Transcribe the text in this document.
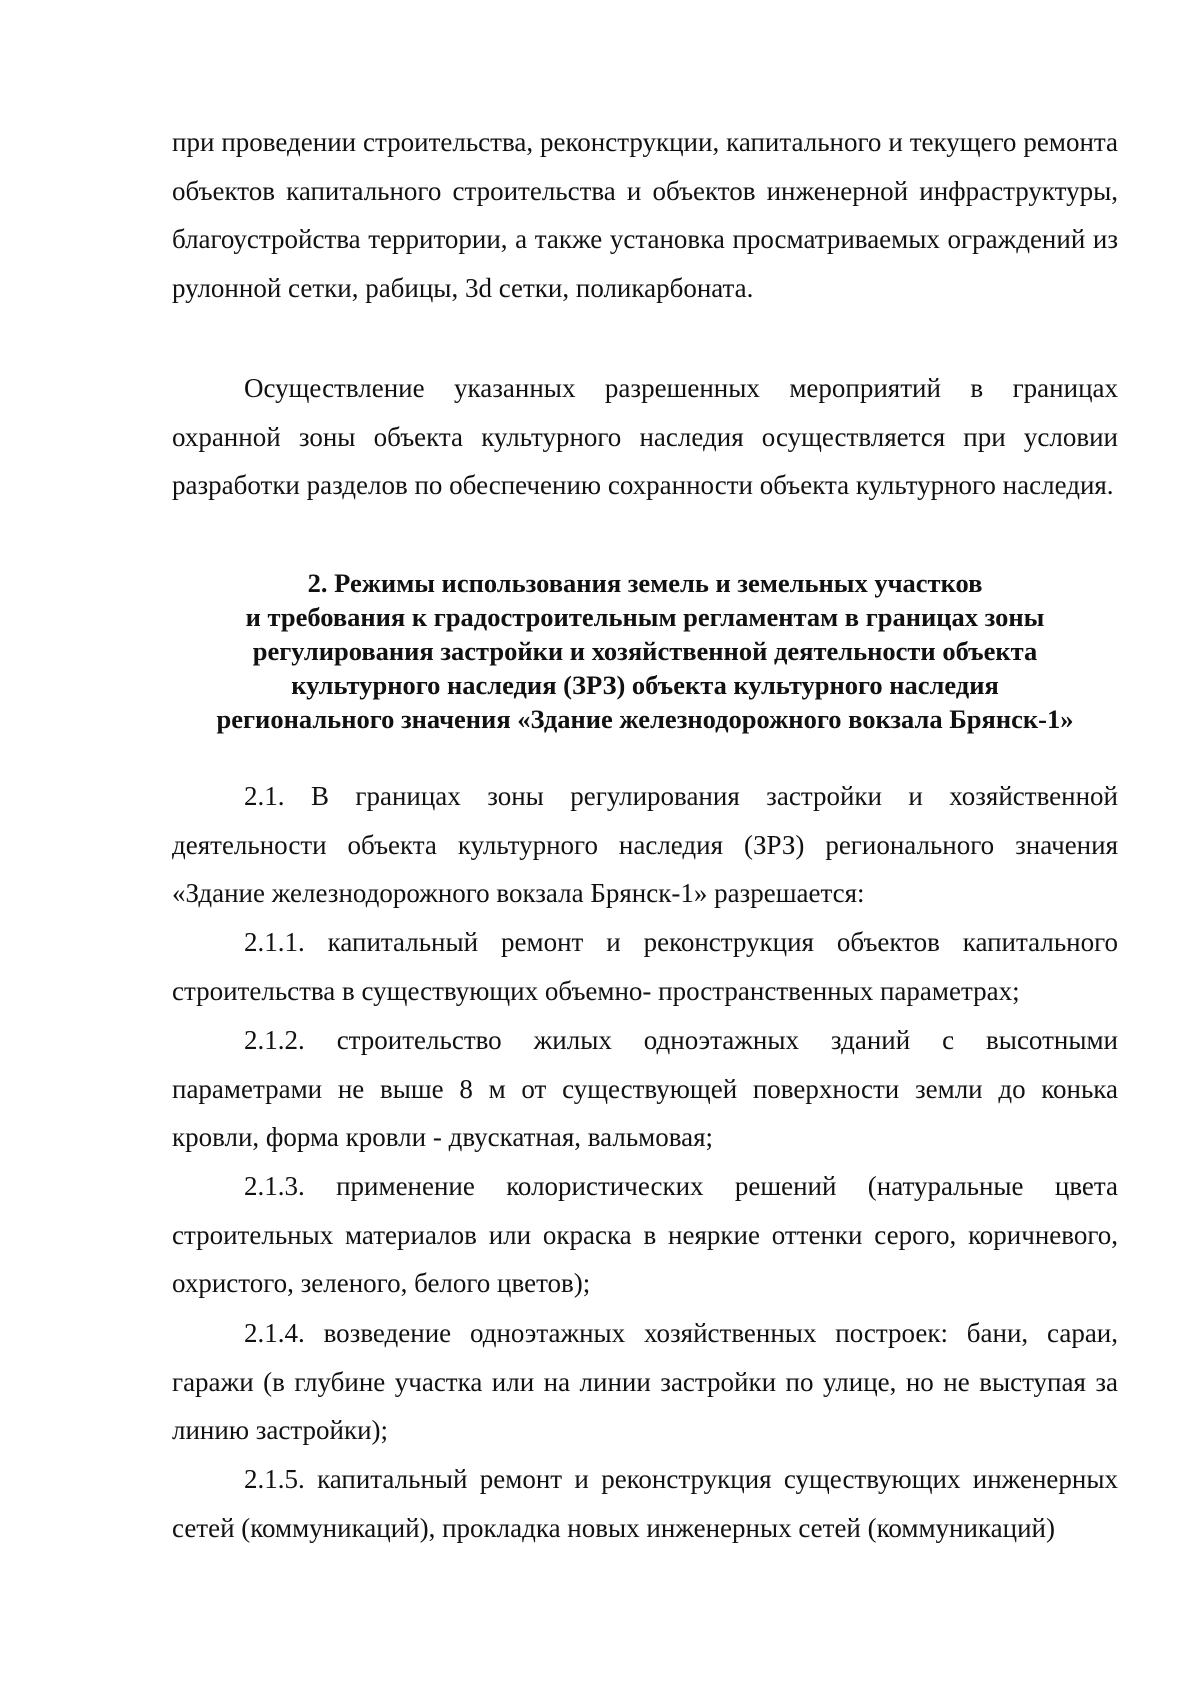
при проведении строительства, реконструкции, капитального и текущего ремонта объектов капитального строительства и объектов инженерной инфраструктуры, благоустройства территории, а также установка просматриваемых ограждений из рулонной сетки, рабицы, 3d сетки, поликарбоната.

Осуществление указанных разрешенных мероприятий в границах охранной зоны объекта культурного наследия осуществляется при условии разработки разделов по обеспечению сохранности объекта культурного наследия.

2. Режимы использования земель и земельных участков
и требования к градостроительным регламентам в границах зоны
регулирования застройки и хозяйственной деятельности объекта
культурного наследия (ЗРЗ) объекта культурного наследия
регионального значения «Здание железнодорожного вокзала Брянск-1»

2.1. В границах зоны регулирования застройки и хозяйственной деятельности объекта культурного наследия (ЗРЗ) регионального значения «Здание железнодорожного вокзала Брянск-1» разрешается:

2.1.1. капитальный ремонт и реконструкция объектов капитального строительства в существующих объемно- пространственных параметрах;

2.1.2. строительство жилых одноэтажных зданий с высотными параметрами не выше 8 м от существующей поверхности земли до конька кровли, форма кровли - двускатная, вальмовая;

2.1.3. применение колористических решений (натуральные цвета строительных материалов или окраска в неяркие оттенки серого, коричневого, охристого, зеленого, белого цветов);

2.1.4. возведение одноэтажных хозяйственных построек: бани, сараи, гаражи (в глубине участка или на линии застройки по улице, но не выступая за линию застройки);

2.1.5. капитальный ремонт и реконструкция существующих инженерных сетей (коммуникаций), прокладка новых инженерных сетей (коммуникаций)
